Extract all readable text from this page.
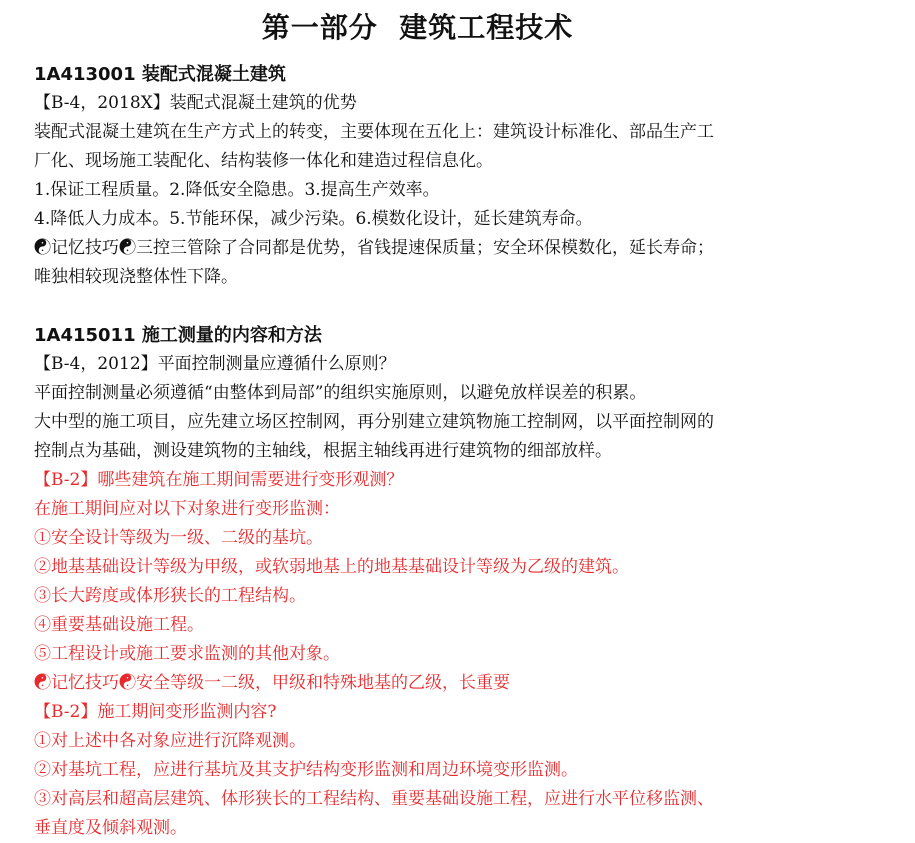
第一部分  建筑工程技术
1A413001 装配式混凝土建筑
【B-4，2018X】装配式混凝土建筑的优势
装配式混凝土建筑在生产方式上的转变，主要体现在五化上：建筑设计标准化、部品生产工
厂化、现场施工装配化、结构装修一体化和建造过程信息化。
1.保证工程质量。2.降低安全隐患。3.提高生产效率。
4.降低人力成本。5.节能环保，减少污染。6.模数化设计，延长建筑寿命。
☯记忆技巧☯三控三管除了合同都是优势，省钱提速保质量；安全环保模数化，延长寿命；
唯独相较现浇整体性下降。
1A415011 施工测量的内容和方法
【B-4，2012】平面控制测量应遵循什么原则？
平面控制测量必须遵循“由整体到局部”的组织实施原则，以避免放样误差的积累。
大中型的施工项目，应先建立场区控制网，再分别建立建筑物施工控制网，以平面控制网的
控制点为基础，测设建筑物的主轴线，根据主轴线再进行建筑物的细部放样。
【B-2】哪些建筑在施工期间需要进行变形观测？
在施工期间应对以下对象进行变形监测：
①安全设计等级为一级、二级的基坑。
②地基基础设计等级为甲级，或软弱地基上的地基基础设计等级为乙级的建筑。
③长大跨度或体形狭长的工程结构。
④重要基础设施工程。
⑤工程设计或施工要求监测的其他对象。
☯记忆技巧☯安全等级一二级，甲级和特殊地基的乙级，长重要
【B-2】施工期间变形监测内容?
①对上述中各对象应进行沉降观测。
②对基坑工程，应进行基坑及其支护结构变形监测和周边环境变形监测。
③对高层和超高层建筑、体形狭长的工程结构、重要基础设施工程，应进行水平位移监测、
垂直度及倾斜观测。
